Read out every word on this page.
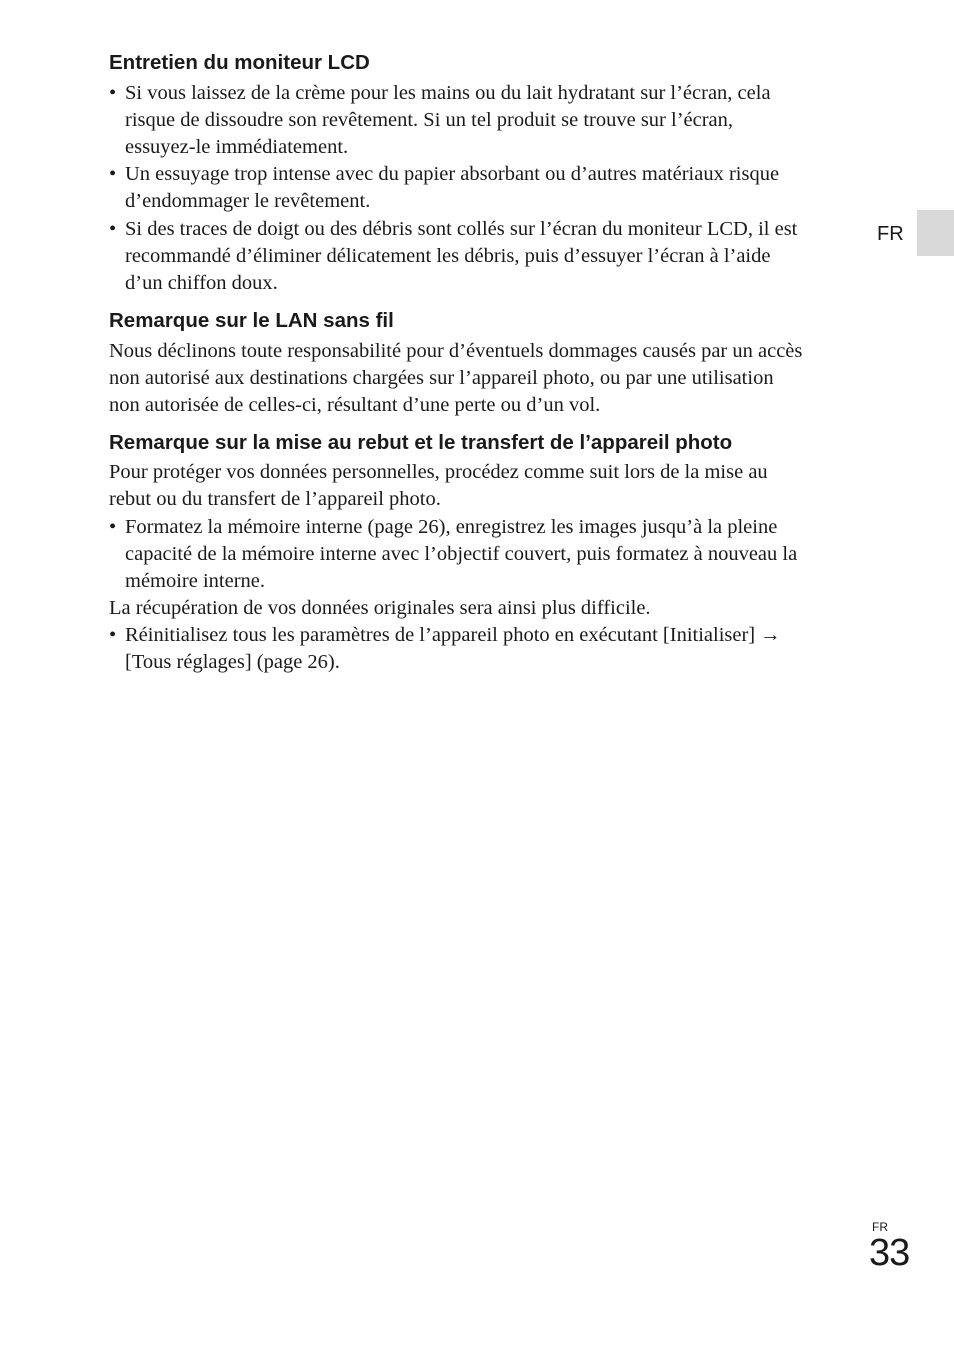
FR
Entretien du moniteur LCD
• Si vous laissez de la crème pour les mains ou du lait hydratant sur l’écran, cela
risque de dissoudre son revêtement. Si un tel produit se trouve sur l’écran,
essuyez-le immédiatement.
• Un essuyage trop intense avec du papier absorbant ou d’autres matériaux risque
d’endommager le revêtement.
• Si des traces de doigt ou des débris sont collés sur l’écran du moniteur LCD, il est
recommandé d’éliminer délicatement les débris, puis d’essuyer l’écran à l’aide
d’un chiffon doux.
Remarque sur le LAN sans fil

Nous déclinons toute responsabilité pour d’éventuels dommages causés par un accès
non autorisé aux destinations chargées sur l’appareil photo, ou par une utilisation
non autorisée de celles-ci, résultant d’une perte ou d’un vol.

Remarque sur la mise au rebut et le transfert de l’appareil photo

Pour protéger vos données personnelles, procédez comme suit lors de la mise au
rebut ou du transfert de l’appareil photo.

• Formatez la mémoire interne (page 26), enregistrez les images jusqu’à la pleine
capacité de la mémoire interne avec l’objectif couvert, puis formatez à nouveau la
mémoire interne.

La récupération de vos données originales sera ainsi plus difficile.

• Réinitialisez tous les paramètres de l’appareil photo en exécutant [Initialiser] →
[Tous réglages] (page 26).
FR
33
